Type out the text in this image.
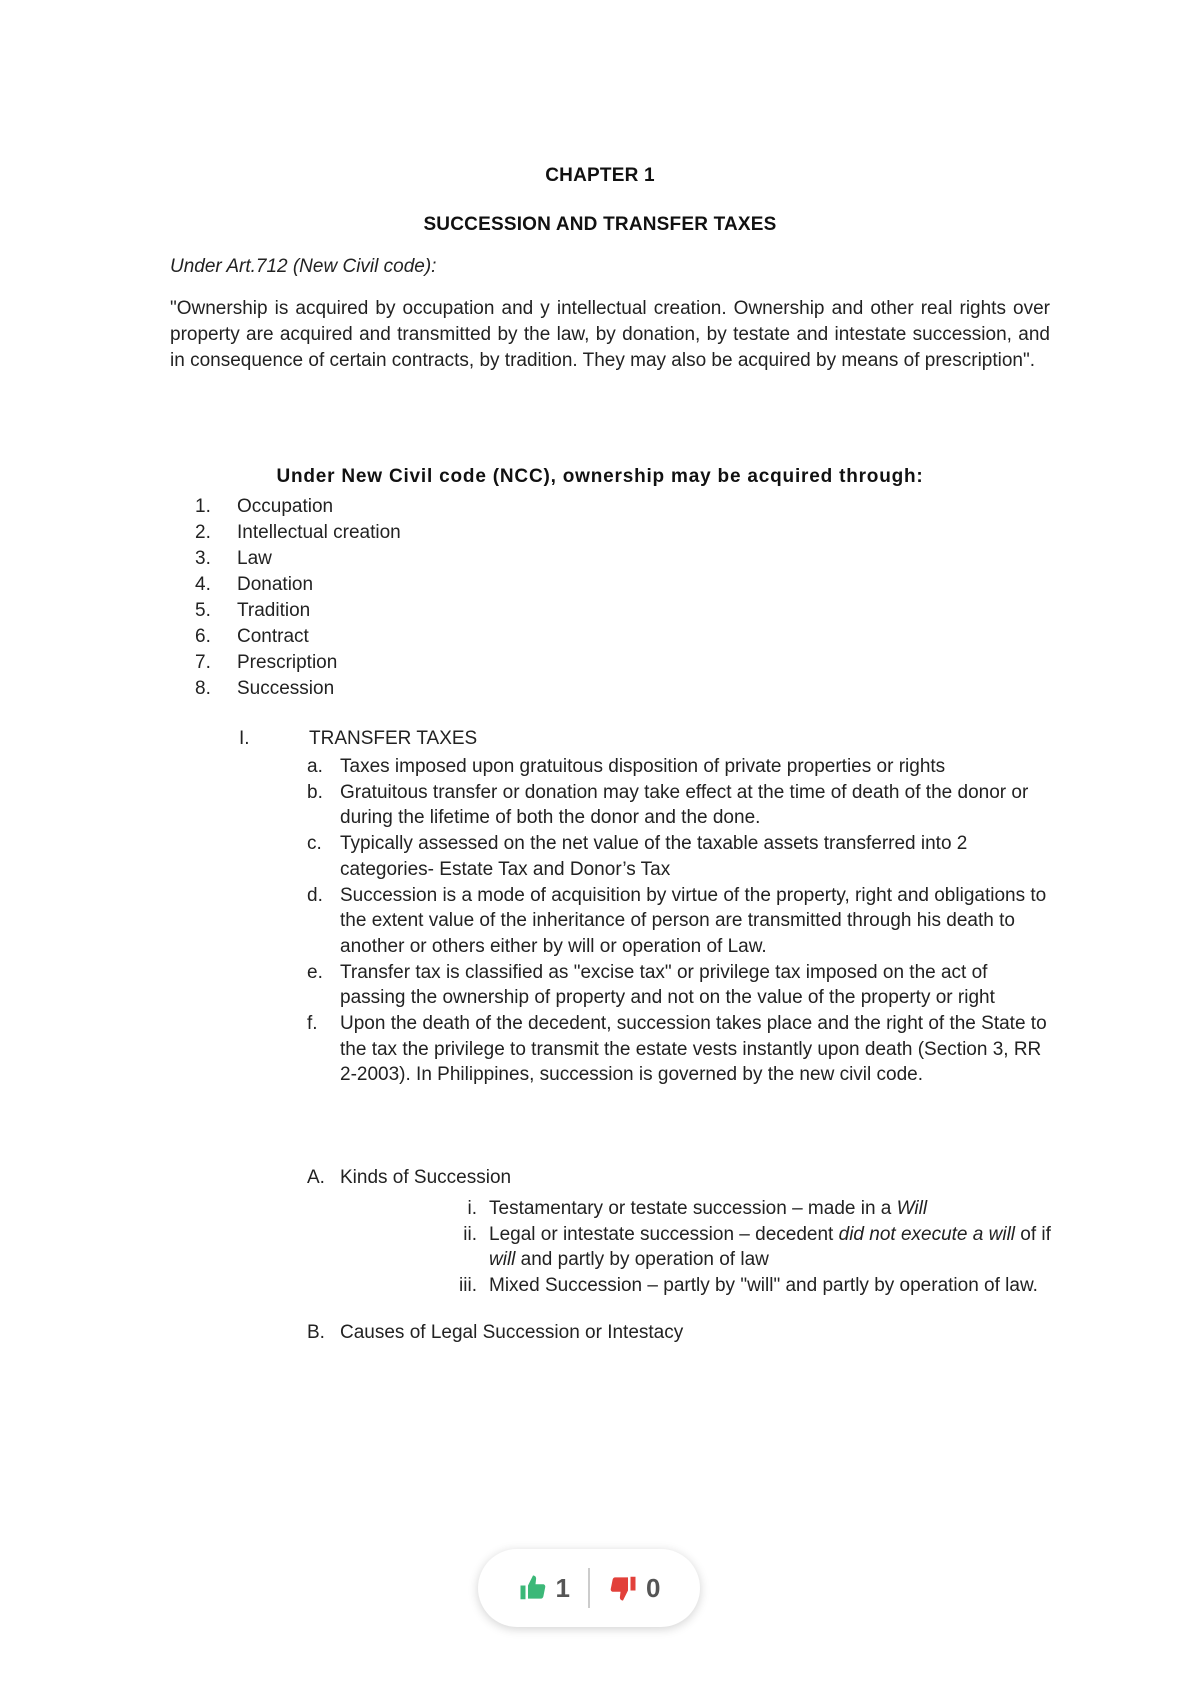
CHAPTER 1
SUCCESSION AND TRANSFER TAXES
Under Art.712 (New Civil code):
"Ownership is acquired by occupation and y intellectual creation. Ownership and other real rights over property are acquired and transmitted by the law, by donation, by testate and intestate succession, and in consequence of certain contracts, by tradition. They may also be acquired by means of prescription".
Under New Civil code (NCC), ownership may be acquired through:
1.	Occupation
2.	Intellectual creation
3.	Law
4.	Donation
5.	Tradition
6.	Contract
7.	Prescription
8.	Succession
I.	TRANSFER TAXES
a. Taxes imposed upon gratuitous disposition of private properties or rights
b. Gratuitous transfer or donation may take effect at the time of death of the donor or during the lifetime of both the donor and the done.
c. Typically assessed on the net value of the taxable assets transferred into 2 categories- Estate Tax and Donor’s Tax
d. Succession is a mode of acquisition by virtue of the property, right and obligations to the extent value of the inheritance of person are transmitted through his death to another or others either by will or operation of Law.
e. Transfer tax is classified as "excise tax" or privilege tax imposed on the act of passing the ownership of property and not on the value of the property or right
f.	Upon the death of the decedent, succession takes place and the right of the State to the tax the privilege to transmit the estate vests instantly upon death (Section 3, RR 2-2003). In Philippines, succession is governed by the new civil code.
A. Kinds of Succession
i. Testamentary or testate succession – made in a Will
ii. Legal or intestate succession – decedent did not execute a will of if will and partly by operation of law
iii. Mixed Succession – partly by "will" and partly by operation of law.
B. Causes of Legal Succession or Intestacy
1	0
